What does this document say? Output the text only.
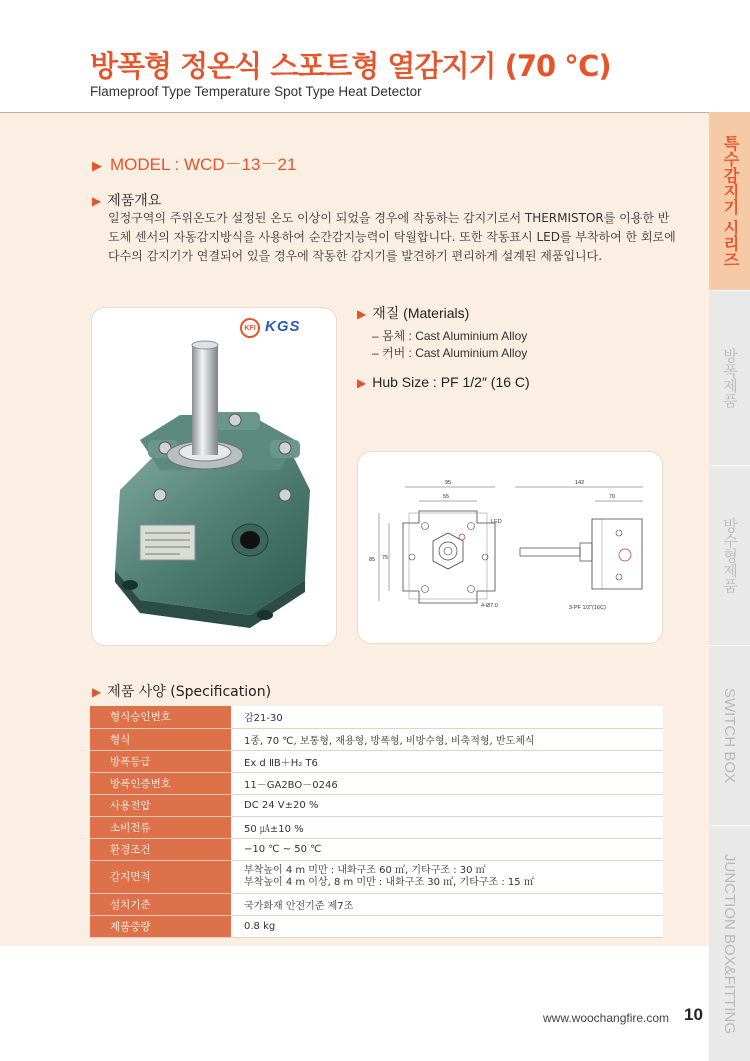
방폭형 정온식 스포트형 열감지기 (70 ℃)
Flameproof Type Temperature Spot Type Heat Detector
특수감지기 시리즈
방폭제품
방수형제품
SWITCH BOX
JUNCTION BOX&FITTING
▶ MODEL : WCD－13－21
▶ 제품개요
일정구역의 주위온도가 설정된 온도 이상이 되었을 경우에 작동하는 감지기로서 THERMISTOR를 이용한 반도체 센서의 자동감지방식을 사용하여 순간감지능력이 탁월합니다. 또한 작동표시 LED를 부착하여 한 회로에 다수의 감지기가 연결되어 있을 경우에 작동한 감지기를 발견하기 편리하게 설계된 제품입니다.
KFI KGS
▶ 재질 (Materials)
– 몸체 : Cast Aluminium Alloy
– 커버 : Cast Aluminium Alloy
▶ Hub Size : PF 1/2″ (16 C)
95
55
85 75
LED
4-Ø7.0
142
70
3-PF 1/2"(16C)
▶ 제품 사양 (Specification)
형식승인번호	감21-30
형식	1종, 70 ℃, 보통형, 재용형, 방폭형, 비방수형, 비축적형, 반도체식
방폭등급	Ex d ⅡB＋H₂ T6
방폭인증번호	11－GA2BO－0246
사용전압	DC 24 V±20 %
소비전류	50 ㎂±10 %
환경조건	−10 ℃ ~ 50 ℃
감지면적	부착높이 4 m 미만 : 내화구조 60 ㎡, 기타구조 : 30 ㎡
부착높이 4 m 이상, 8 m 미만 : 내화구조 30 ㎡, 기타구조 : 15 ㎡

설치기준	국가화재 안전기준 제7조
제품중량	0.8 kg
www.woochangfire.com 10
